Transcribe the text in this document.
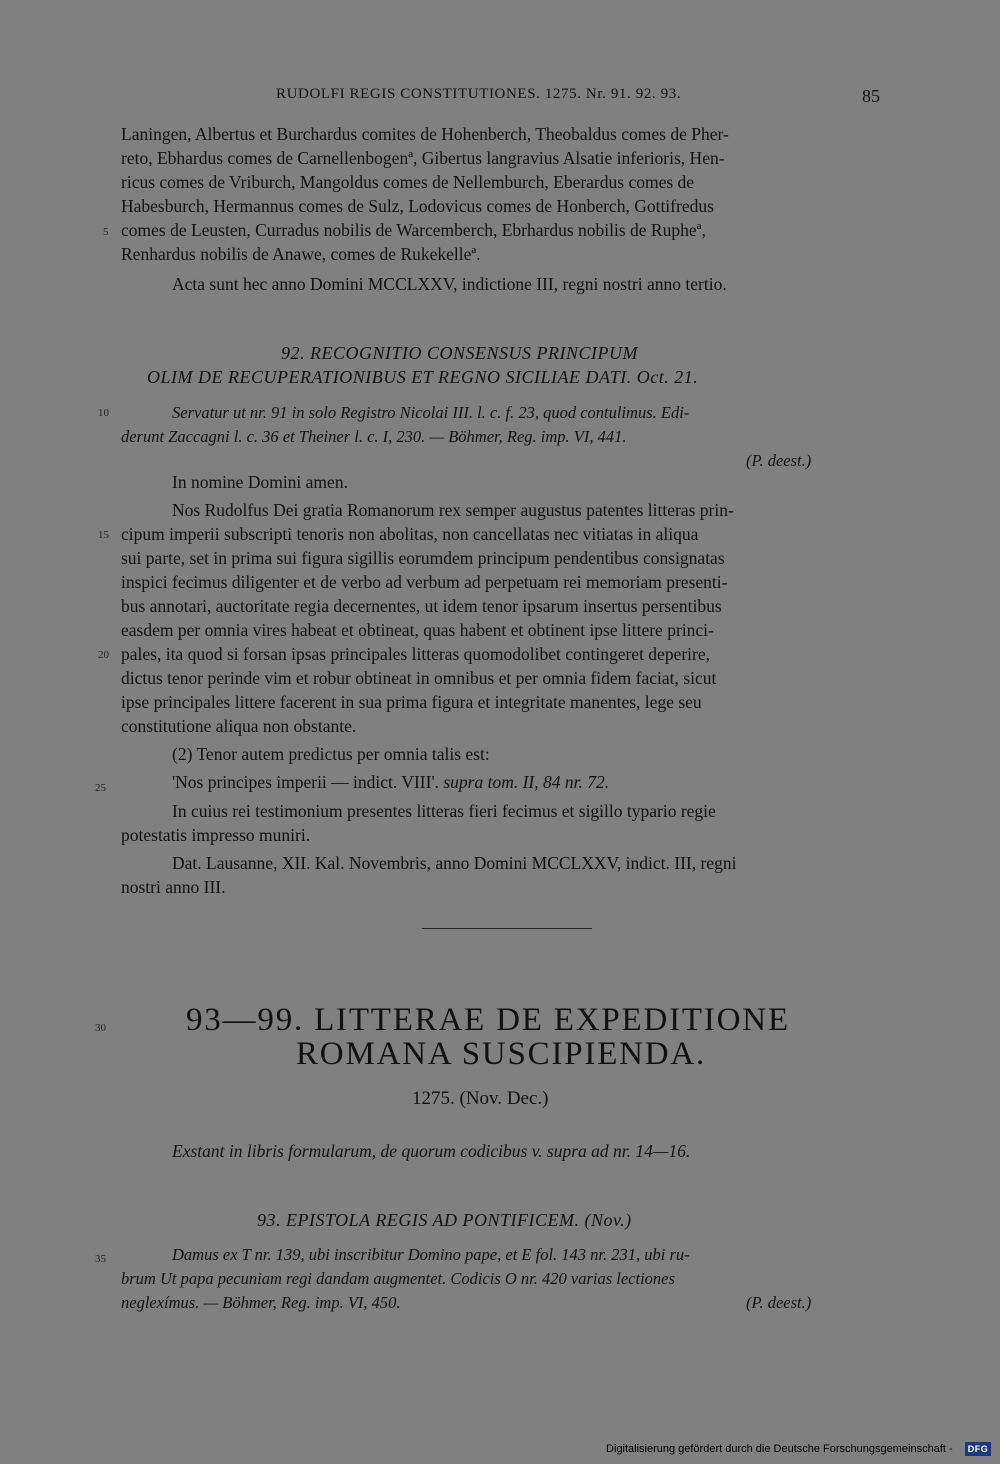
RUDOLFI REGIS CONSTITUTIONES. 1275. Nr. 91. 92. 93.	85
Laningen, Albertus et Burchardus comites de Hohenberch, Theobaldus comes de Pher-
reto, Ebhardus comes de Carnellenbogenª, Gibertus langravius Alsatie inferioris, Hen-
ricus comes de Vriburch, Mangoldus comes de Nellemburch, Eberardus comes de
Habesburch, Hermannus comes de Sulz, Lodovicus comes de Honberch, Gottifredus
comes de Leusten, Curradus nobilis de Warcemberch, Ebrhardus nobilis de Rupheª,
Renhardus nobilis de Anawe, comes de Rukekelleª.
Acta sunt hec anno Domini MCCLXXV, indictione III, regni nostri anno tertio.
92. RECOGNITIO CONSENSUS PRINCIPUM
OLIM DE RECUPERATIONIBUS ET REGNO SICILIAE DATI. Oct. 21.
Servatur ut nr. 91 in solo Registro Nicolai III. l. c. f. 23, quod contulimus. Edi-
derunt Zaccagni l. c. 36 et Theiner l. c. I, 230. — Böhmer, Reg. imp. VI, 441.
(P. deest.)
In nomine Domini amen.
Nos Rudolfus Dei gratia Romanorum rex semper augustus patentes litteras prin-
cipum imperii subscripti tenoris non abolitas, non cancellatas nec vitiatas in aliqua
sui parte, set in prima sui figura sigillis eorumdem principum pendentibus consignatas
inspici fecimus diligenter et de verbo ad verbum ad perpetuam rei memoriam presenti-
bus annotari, auctoritate regia decernentes, ut idem tenor ipsarum insertus persentibus
easdem per omnia vires habeat et obtineat, quas habent et obtinent ipse littere princi-
pales, ita quod si forsan ipsas principales litteras quomodolibet contingeret deperire,
dictus tenor perinde vim et robur obtineat in omnibus et per omnia fidem faciat, sicut
ipse principales littere facerent in sua prima figura et integritate manentes, lege seu
constitutione aliqua non obstante.
(2) Tenor autem predictus per omnia talis est:
'Nos principes imperii — indict. VIII'. supra tom. II, 84 nr. 72.
In cuius rei testimonium presentes litteras fieri fecimus et sigillo typario regie
potestatis impresso muniri.
Dat. Lausanne, XII. Kal. Novembris, anno Domini MCCLXXV, indict. III, regni
nostri anno III.
93—99. LITTERAE DE EXPEDITIONE
ROMANA SUSCIPIENDA.
1275. (Nov. Dec.)
Exstant in libris formularum, de quorum codicibus v. supra ad nr. 14—16.
93. EPISTOLA REGIS AD PONTIFICEM. (Nov.)
Damus ex T nr. 139, ubi inscribitur Domino pape, et E fol. 143 nr. 231, ubi ru-
brum Ut papa pecuniam regi dandam augmentet. Codicis O nr. 420 varias lectiones
neglexímus. — Böhmer, Reg. imp. VI, 450.	(P. deest.)
5
10
15
20
25
30
35
Digitalisierung gefördert durch die Deutsche Forschungsgemeinschaft -	DFG
